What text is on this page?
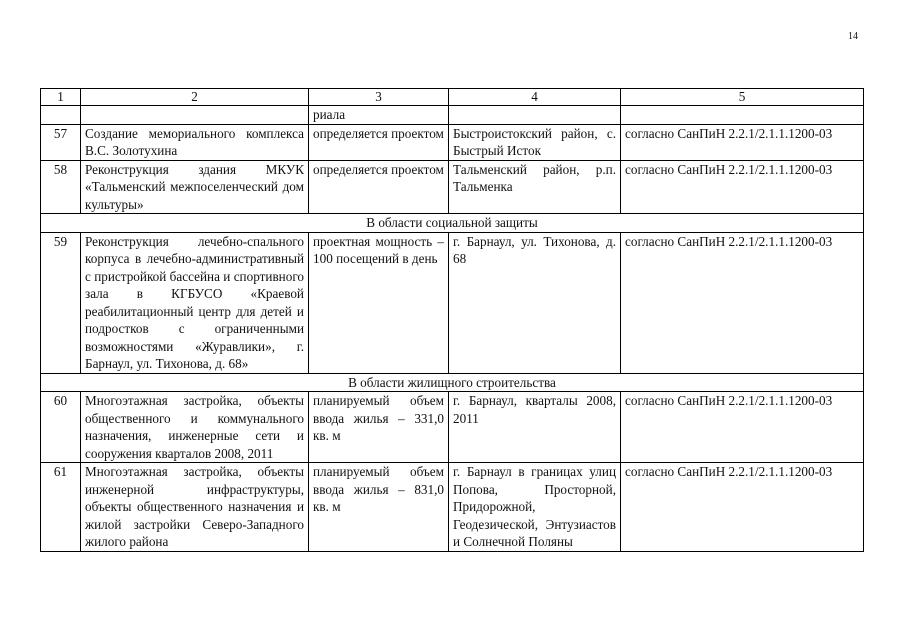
14
1	2	3	4	5
		риала		
57	Создание мемориального комплекса В.С. Золотухина	определяется проектом	Быстроистокский район, с. Быстрый Исток	согласно СанПиН 2.2.1/2.1.1.1200-03
58	Реконструкция здания МКУК «Тальменский межпоселенческий дом культуры»	определяется проектом	Тальменский район, р.п. Тальменка	согласно СанПиН 2.2.1/2.1.1.1200-03
В области социальной защиты				
59	Реконструкция лечебно-спального корпуса в лечебно-административный с пристройкой бассейна и спортивного зала в КГБУСО «Краевой реабилитационный центр для детей и подростков с ограниченными возможностями «Журавлики», г. Барнаул, ул. Тихонова, д. 68»	проектная мощность – 100 посещений в день	г. Барнаул, ул. Тихонова, д. 68	согласно СанПиН 2.2.1/2.1.1.1200-03
В области жилищного строительства				
60	Многоэтажная застройка, объекты общественного и коммунального назначения, инженерные сети и сооружения кварталов 2008, 2011	планируемый объем ввода жилья – 331,0 кв. м	г. Барнаул, кварталы 2008, 2011	согласно СанПиН 2.2.1/2.1.1.1200-03
61	Многоэтажная застройка, объекты инженерной инфраструктуры, объекты общественного назначения и жилой застройки Северо-Западного жилого района	планируемый объем ввода жилья – 831,0 кв. м	г. Барнаул в границах улиц Попова, Просторной, Придорожной, Геодезической, Энтузиастов и Солнечной Поляны	согласно СанПиН 2.2.1/2.1.1.1200-03
